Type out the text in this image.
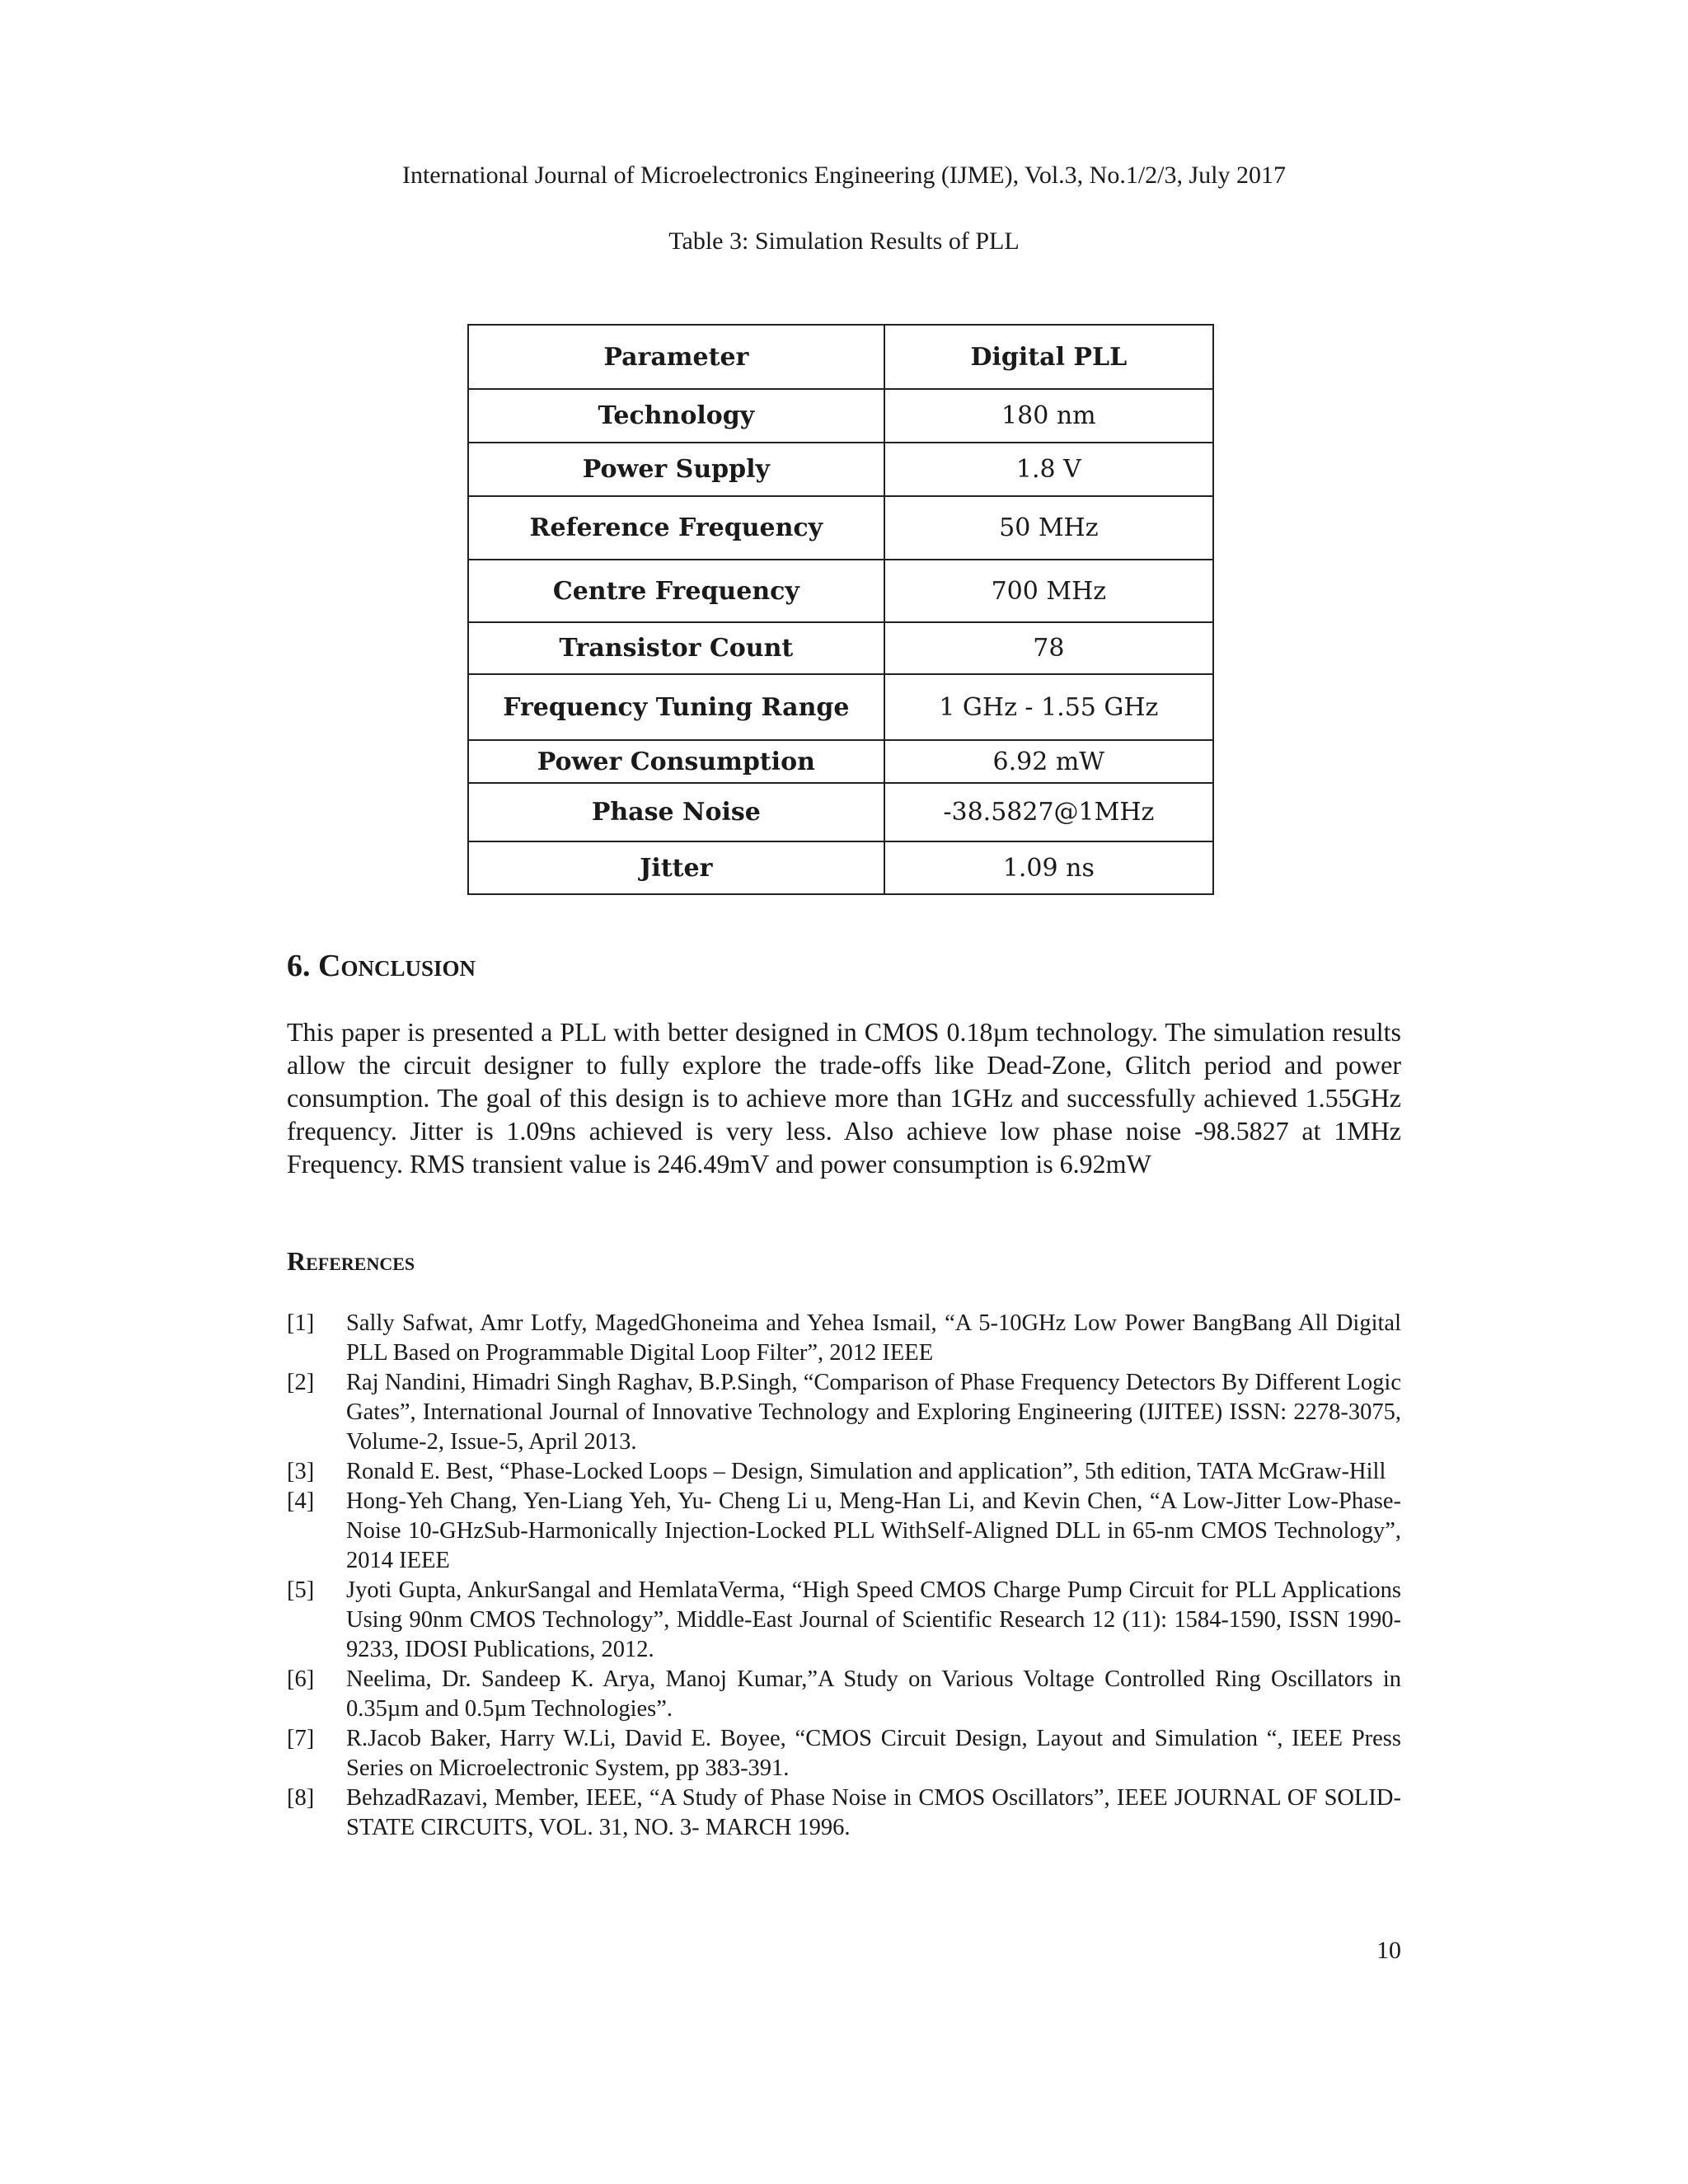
International Journal of Microelectronics Engineering (IJME), Vol.3, No.1/2/3, July 2017
Table 3: Simulation Results of PLL
Parameter	Digital PLL
Technology	180 nm
Power Supply	1.8 V
Reference Frequency	50 MHz
Centre Frequency	700 MHz
Transistor Count	78
Frequency Tuning Range	1 GHz - 1.55 GHz
Power Consumption	6.92 mW
Phase Noise	-38.5827@1MHz
Jitter	1.09 ns
6. Conclusion

This paper is presented a PLL with better designed in CMOS 0.18µm technology. The simulation results allow the circuit designer to fully explore the trade-offs like Dead-Zone, Glitch period and power consumption. The goal of this design is to achieve more than 1GHz and successfully achieved 1.55GHz frequency. Jitter is 1.09ns achieved is very less. Also achieve low phase noise -98.5827 at 1MHz Frequency. RMS transient value is 246.49mV and power consumption is 6.92mW

References
[1]	Sally Safwat, Amr Lotfy, MagedGhoneima and Yehea Ismail, “A 5-10GHz Low Power BangBang All Digital PLL Based on Programmable Digital Loop Filter”, 2012 IEEE
[2]	Raj Nandini, Himadri Singh Raghav, B.P.Singh, “Comparison of Phase Frequency Detectors By Different Logic Gates”, International Journal of Innovative Technology and Exploring Engineering (IJITEE) ISSN: 2278-3075, Volume-2, Issue-5, April 2013.
[3]	Ronald E. Best, “Phase-Locked Loops – Design, Simulation and application”, 5th edition, TATA McGraw-Hill
[4]	Hong-Yeh Chang, Yen-Liang Yeh, Yu- Cheng Li u, Meng-Han Li, and Kevin Chen, “A Low-Jitter Low-Phase-Noise 10-GHzSub-Harmonically Injection-Locked PLL WithSelf-Aligned DLL in 65-nm CMOS Technology”, 2014 IEEE
[5]	Jyoti Gupta, AnkurSangal and HemlataVerma, “High Speed CMOS Charge Pump Circuit for PLL Applications Using 90nm CMOS Technology”, Middle-East Journal of Scientific Research 12 (11): 1584-1590, ISSN 1990-9233, IDOSI Publications, 2012.
[6]	Neelima, Dr. Sandeep K. Arya, Manoj Kumar,”A Study on Various Voltage Controlled Ring Oscillators in 0.35µm and 0.5µm Technologies”.
[7]	R.Jacob Baker, Harry W.Li, David E. Boyee, “CMOS Circuit Design, Layout and Simulation “, IEEE Press Series on Microelectronic System, pp 383-391.
[8]	BehzadRazavi, Member, IEEE, “A Study of Phase Noise in CMOS Oscillators”, IEEE JOURNAL OF SOLID-STATE CIRCUITS, VOL. 31, NO. 3- MARCH 1996.
10
